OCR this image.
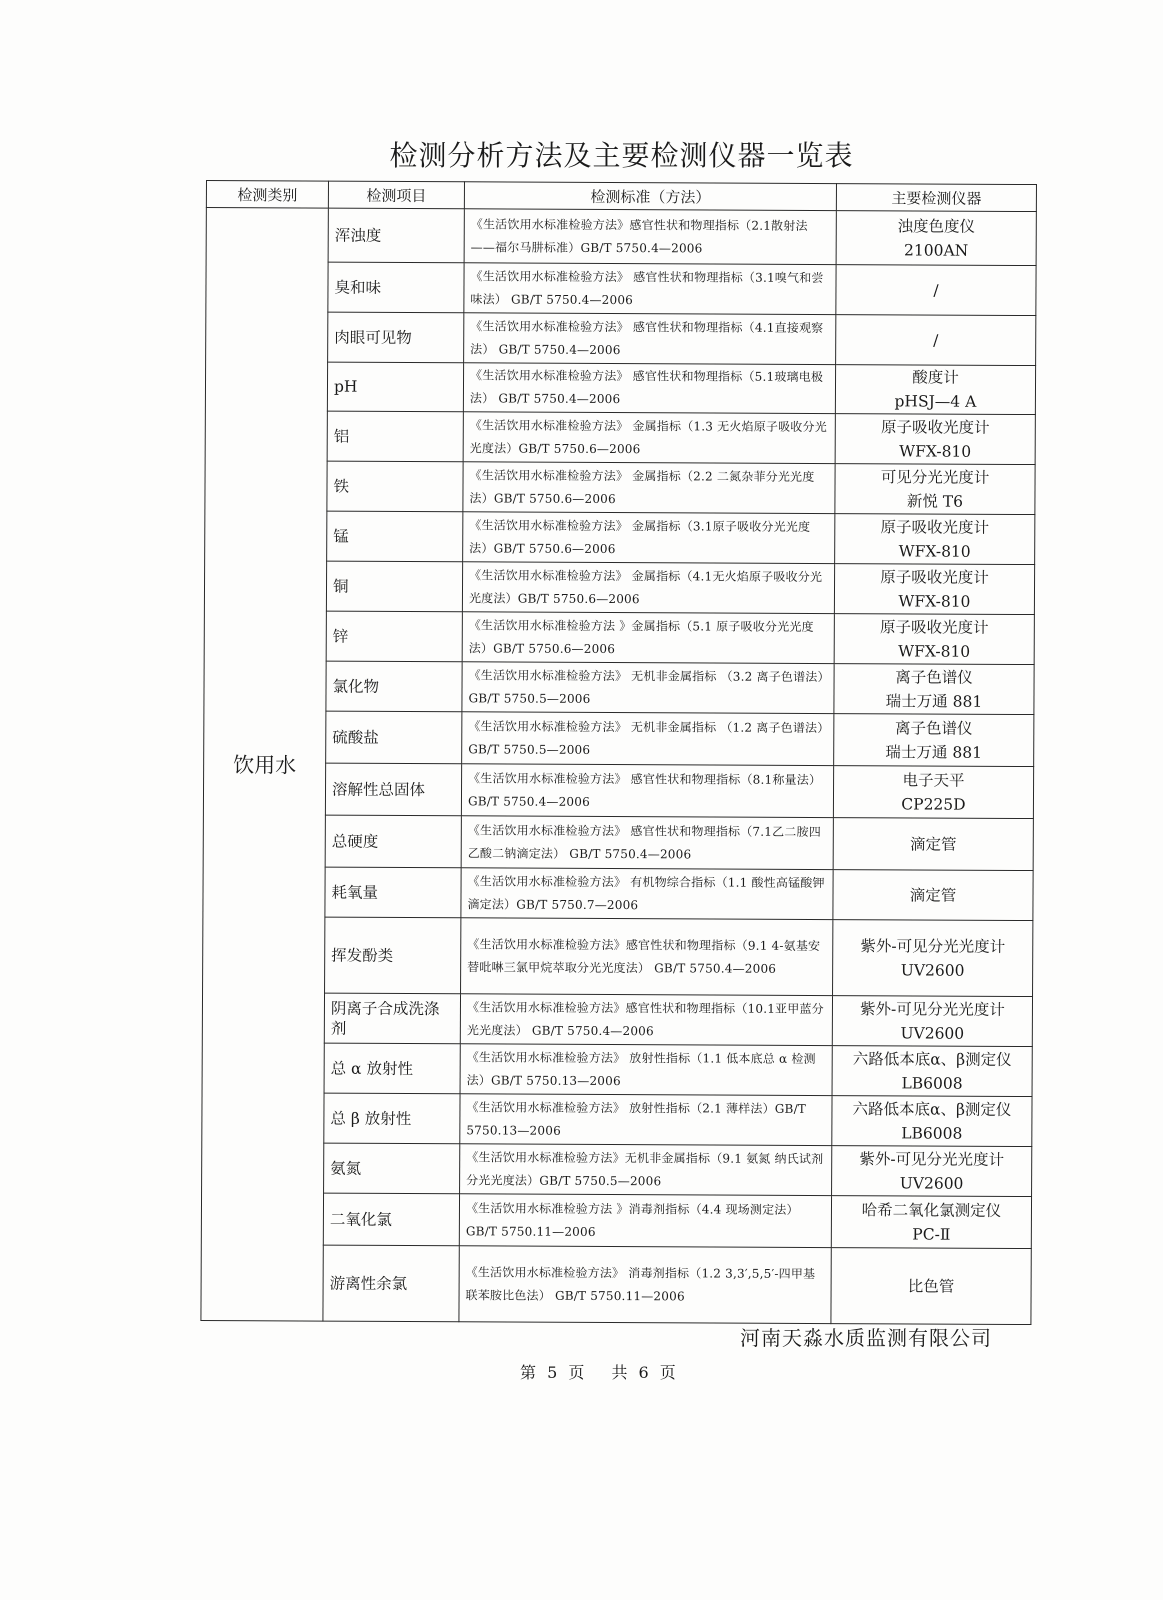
检测分析方法及主要检测仪器一览表
检测类别	检测项目	检测标准（方法）	主要检测仪器
饮用水	浑浊度	《生活饮用水标准检验方法》感官性状和物理指标（2.1散射法——福尔马肼标准）GB/T 5750.4—2006	浊度色度仪
2100AN

	臭和味	《生活饮用水标准检验方法》 感官性状和物理指标（3.1嗅气和尝味法） GB/T 5750.4—2006	/

	肉眼可见物	《生活饮用水标准检验方法》 感官性状和物理指标（4.1直接观察法） GB/T 5750.4—2006	/

	pH	《生活饮用水标准检验方法》 感官性状和物理指标（5.1玻璃电极法） GB/T 5750.4—2006	酸度计
pHSJ—4 A

	铝	《生活饮用水标准检验方法》 金属指标（1.3 无火焰原子吸收分光光度法）GB/T 5750.6—2006	原子吸收光度计
WFX-810

	铁	《生活饮用水标准检验方法》 金属指标（2.2 二氮杂菲分光光度法）GB/T 5750.6—2006	可见分光光度计
新悦 T6

	锰	《生活饮用水标准检验方法》 金属指标（3.1原子吸收分光光度法）GB/T 5750.6—2006	原子吸收光度计
WFX-810

	铜	《生活饮用水标准检验方法》 金属指标（4.1无火焰原子吸收分光光度法）GB/T 5750.6—2006	原子吸收光度计
WFX-810

	锌	《生活饮用水标准检验方法 》金属指标（5.1 原子吸收分光光度法）GB/T 5750.6—2006	原子吸收光度计
WFX-810

	氯化物	《生活饮用水标准检验方法》 无机非金属指标 （3.2 离子色谱法）GB/T 5750.5—2006	离子色谱仪
瑞士万通 881

	硫酸盐	《生活饮用水标准检验方法》 无机非金属指标 （1.2 离子色谱法）GB/T 5750.5—2006	离子色谱仪
瑞士万通 881

	溶解性总固体	《生活饮用水标准检验方法》 感官性状和物理指标（8.1称量法） GB/T 5750.4—2006	电子天平
CP225D

	总硬度	《生活饮用水标准检验方法》 感官性状和物理指标（7.1乙二胺四乙酸二钠滴定法） GB/T 5750.4—2006	滴定管

	耗氧量	《生活饮用水标准检验方法》 有机物综合指标（1.1 酸性高锰酸钾滴定法）GB/T 5750.7—2006	滴定管

	挥发酚类	《生活饮用水标准检验方法》感官性状和物理指标（9.1 4-氨基安替吡啉三氯甲烷萃取分光光度法） GB/T 5750.4—2006	紫外-可见分光光度计
UV2600

	阴离子合成洗涤剂	《生活饮用水标准检验方法》感官性状和物理指标（10.1亚甲蓝分光光度法） GB/T 5750.4—2006	紫外-可见分光光度计
UV2600

	总 α 放射性	《生活饮用水标准检验方法》 放射性指标（1.1 低本底总 α 检测法）GB/T 5750.13—2006	六路低本底α、β测定仪
LB6008

	总 β 放射性	《生活饮用水标准检验方法》 放射性指标（2.1 薄样法）GB/T 5750.13—2006	六路低本底α、β测定仪
LB6008

	氨氮	《生活饮用水标准检验方法》无机非金属指标（9.1 氨氮 纳氏试剂分光光度法）GB/T 5750.5—2006	紫外-可见分光光度计
UV2600

	二氧化氯	《生活饮用水标准检验方法 》消毒剂指标（4.4 现场测定法）GB/T 5750.11—2006	哈希二氧化氯测定仪
PC-Ⅱ

	游离性余氯	《生活饮用水标准检验方法》 消毒剂指标（1.2 3,3′,5,5′-四甲基联苯胺比色法） GB/T 5750.11—2006	比色管
河南天淼水质监测有限公司
第 5 页　 共 6 页
